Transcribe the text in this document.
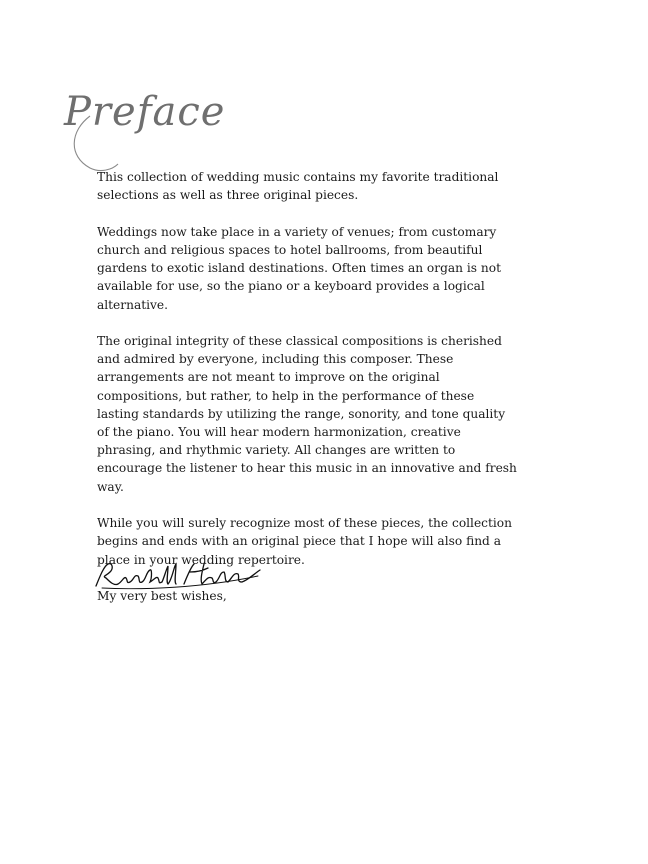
Preface

This collection of wedding music contains my favorite traditional selections as well as three original pieces.

Weddings now take place in a variety of venues; from customary church and religious spaces to hotel ballrooms, from beautiful gardens to exotic island destinations. Often times an organ is not available for use, so the piano or a keyboard provides a logical alternative.

The original integrity of these classical compositions is cherished and admired by everyone, including this composer. These arrangements are not meant to improve on the original compositions, but rather, to help in the performance of these lasting standards by utilizing the range, sonority, and tone quality of the piano. You will hear modern harmonization, creative phrasing, and rhythmic variety. All changes are written to encourage the listener to hear this music in an innovative and fresh way.

While you will surely recognize most of these pieces, the collection begins and ends with an original piece that I hope will also find a place in your wedding repertoire.

My very best wishes,
